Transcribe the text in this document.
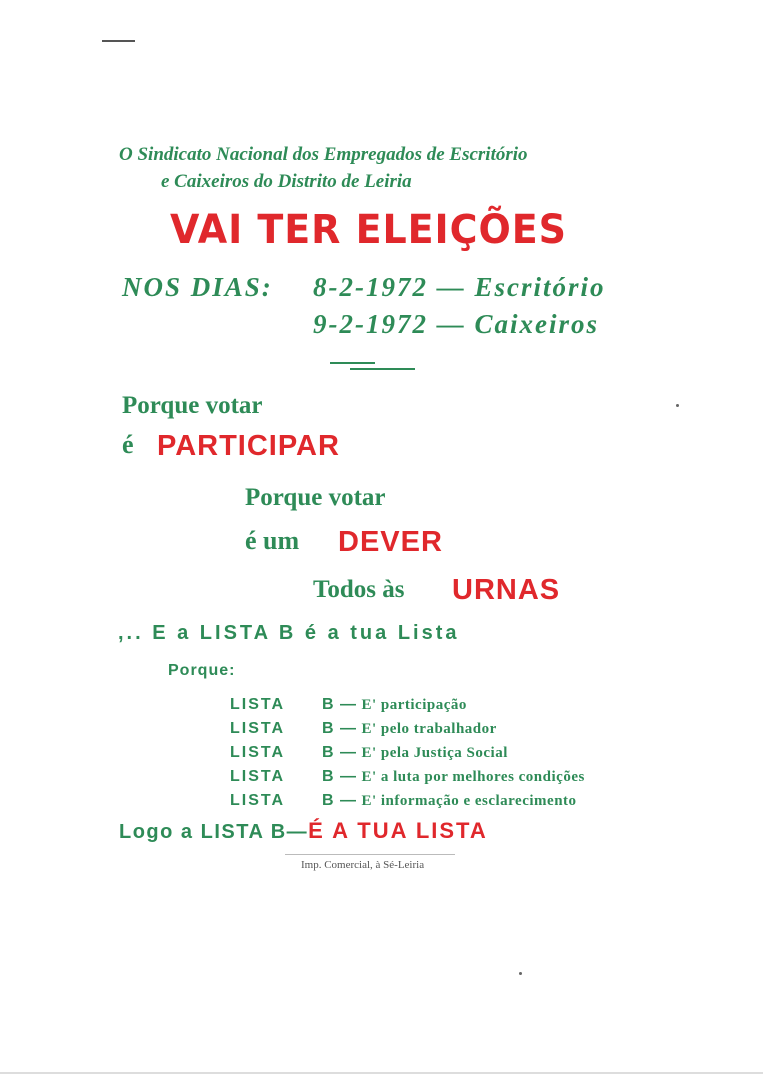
O Sindicato Nacional dos Empregados de Escritório
e Caixeiros do Distrito de Leiria
VAI TER ELEIÇÕES
NOS DIAS: 8-2-1972 — Escritório
9-2-1972 — Caixeiros
Porque votar
é PARTICIPAR
Porque votar
é um DEVER
Todos às URNAS
,.. E a LISTA B é a tua Lista
Porque:
LISTA B — E' participação
LISTA B — E' pelo trabalhador
LISTA B — E' pela Justiça Social
LISTA B — E' a luta por melhores condições
LISTA B — E' informação e esclarecimento
Logo a LISTA B—É A TUA LISTA
Imp. Comercial, à Sé-Leiria
